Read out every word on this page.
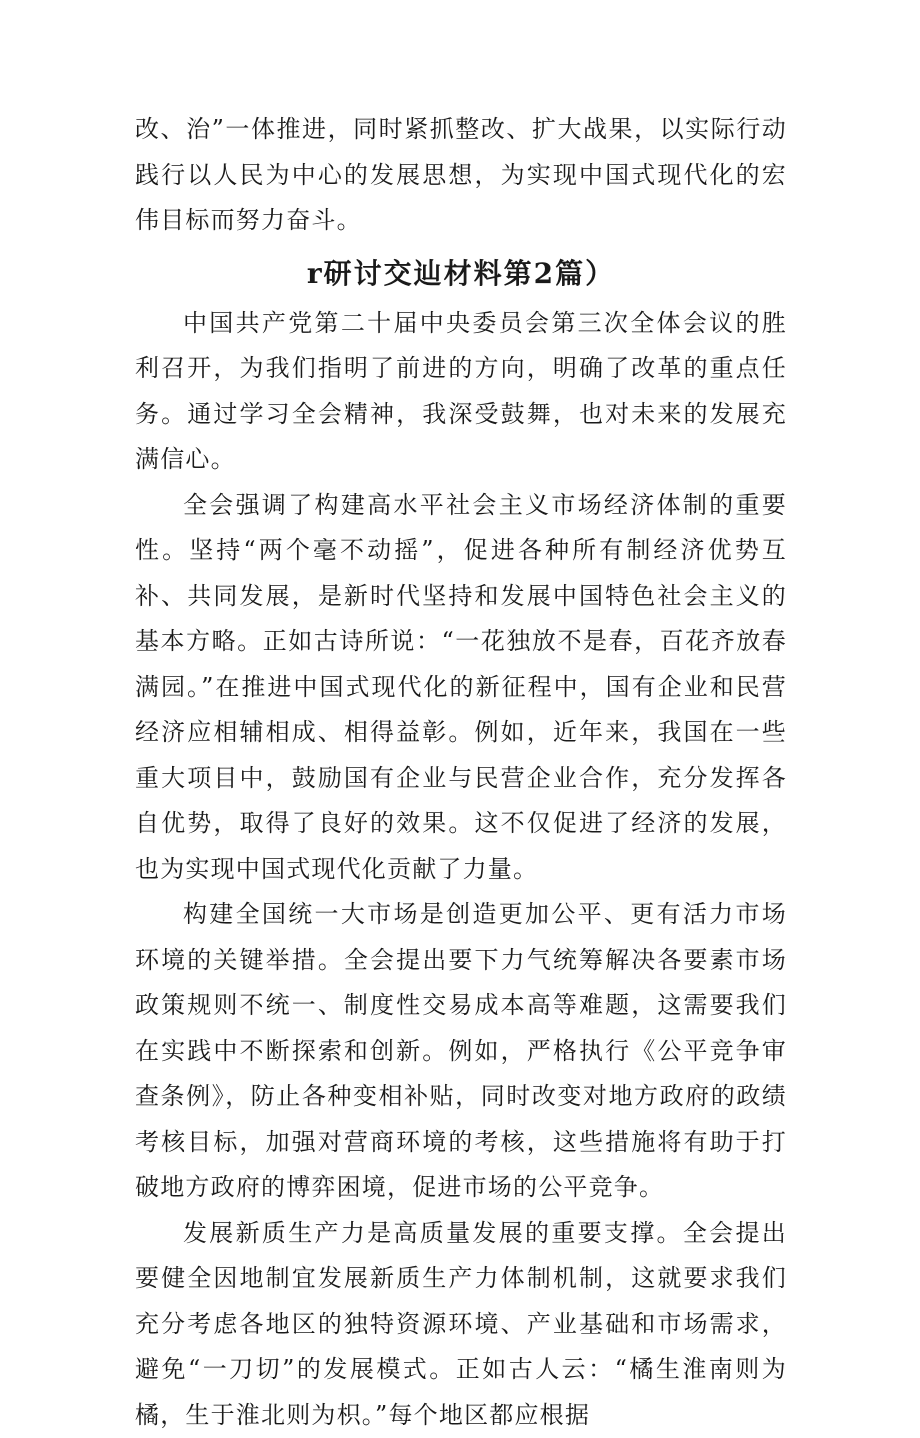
改、治”一体推进，同时紧抓整改、扩大战果，以实际行动践行以人民为中心的发展思想，为实现中国式现代化的宏伟目标而努力奋斗。

r研讨交辿材料第2篇）

中国共产党第二十届中央委员会第三次全体会议的胜利召开，为我们指明了前进的方向，明确了改革的重点任务。通过学习全会精神，我深受鼓舞，也对未来的发展充满信心。

全会强调了构建高水平社会主义市场经济体制的重要性。坚持“两个毫不动摇”，促进各种所有制经济优势互补、共同发展，是新时代坚持和发展中国特色社会主义的基本方略。正如古诗所说：“一花独放不是春，百花齐放春满园。”在推进中国式现代化的新征程中，国有企业和民营经济应相辅相成、相得益彰。例如，近年来，我国在一些重大项目中，鼓励国有企业与民营企业合作，充分发挥各自优势，取得了良好的效果。这不仅促进了经济的发展，也为实现中国式现代化贡献了力量。

构建全国统一大市场是创造更加公平、更有活力市场环境的关键举措。全会提出要下力气统筹解决各要素市场政策规则不统一、制度性交易成本高等难题，这需要我们在实践中不断探索和创新。例如，严格执行《公平竞争审查条例》，防止各种变相补贴，同时改变对地方政府的政绩考核目标，加强对营商环境的考核，这些措施将有助于打破地方政府的博弈困境，促进市场的公平竞争。

发展新质生产力是高质量发展的重要支撑。全会提出要健全因地制宜发展新质生产力体制机制，这就要求我们充分考虑各地区的独特资源环境、产业基础和市场需求，避免“一刀切”的发展模式。正如古人云：“橘生淮南则为橘，生于淮北则为枳。”每个地区都应根据
